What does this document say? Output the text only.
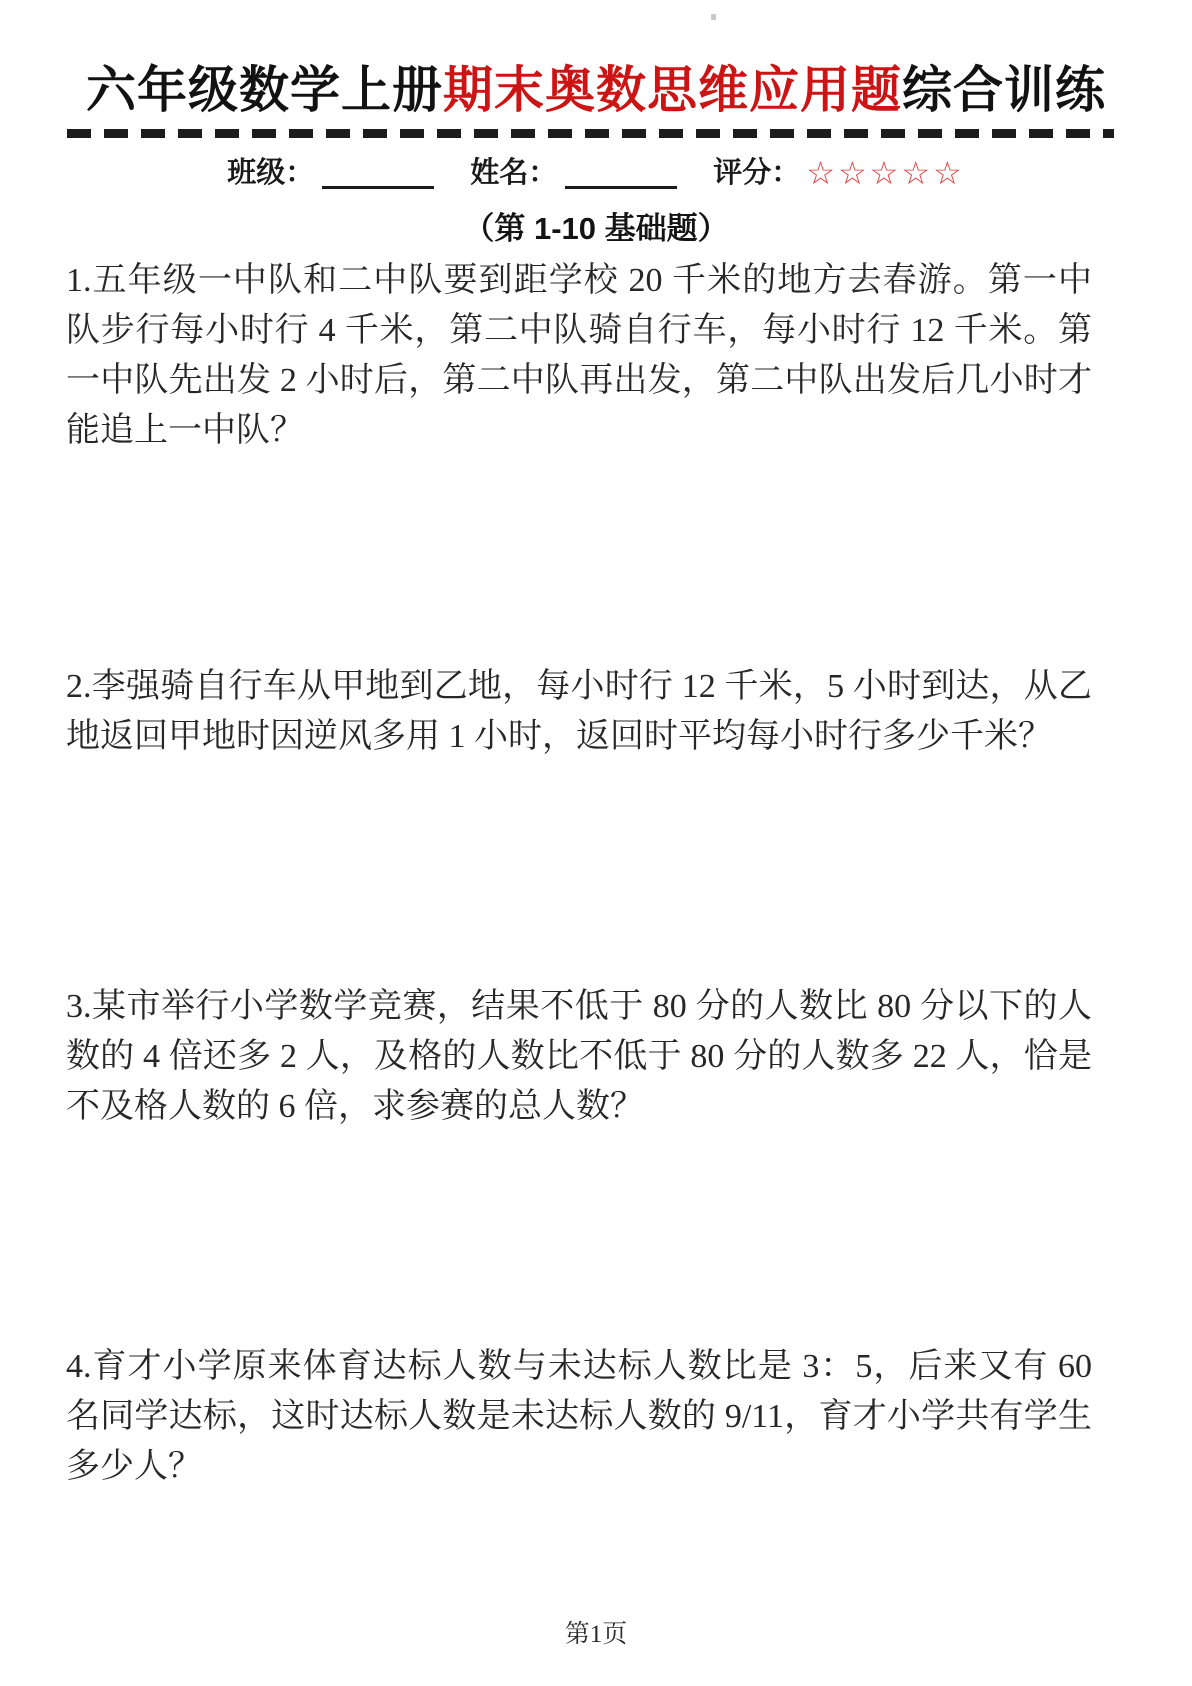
六年级数学上册期末奥数思维应用题综合训练
班级：	姓名：	评分： ☆☆☆☆☆
（第 1-10 基础题）
1.五年级一中队和二中队要到距学校 20 千米的地方去春游。第一中队步行每小时行 4 千米，第二中队骑自行车，每小时行 12 千米。第一中队先出发 2 小时后，第二中队再出发，第二中队出发后几小时才能追上一中队？
2.李强骑自行车从甲地到乙地，每小时行 12 千米，5 小时到达，从乙地返回甲地时因逆风多用 1 小时，返回时平均每小时行多少千米？
3.某市举行小学数学竞赛，结果不低于 80 分的人数比 80 分以下的人数的 4 倍还多 2 人，及格的人数比不低于 80 分的人数多 22 人，恰是不及格人数的 6 倍，求参赛的总人数？
4.育才小学原来体育达标人数与未达标人数比是 3：5，后来又有 60 名同学达标，这时达标人数是未达标人数的 9/11，育才小学共有学生多少人？
第1页
